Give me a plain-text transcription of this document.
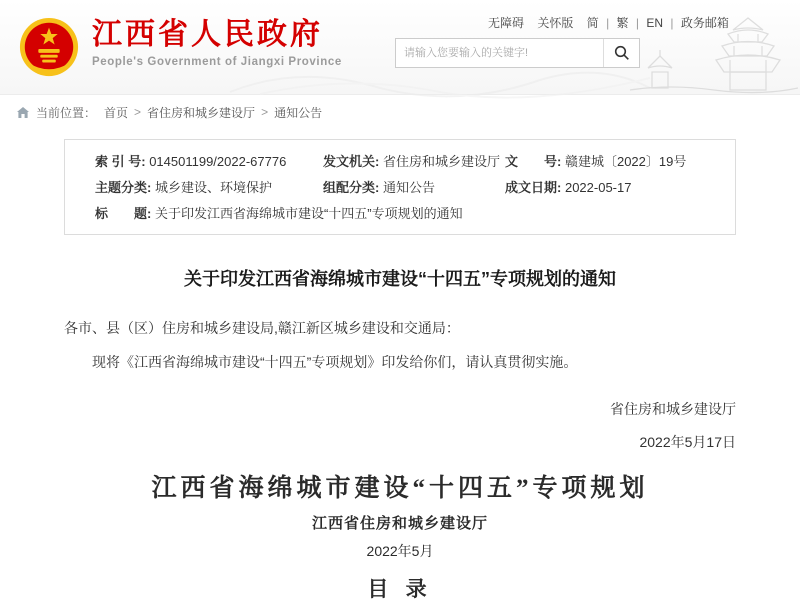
江西省人民政府
People's Government of Jiangxi Province
无障碍 关怀版 简 | 繁 | EN | 政务邮箱
请输入您要输入的关键字!
当前位置： 首页 > 省住房和城乡建设厅 > 通知公告
索 引 号: 014501199/2022-67776	发文机关: 省住房和城乡建设厅 文　　号: 赣建城〔2022〕19号
主题分类: 城乡建设、环境保护	组配分类: 通知公告	成文日期: 2022-05-17
标　　题: 关于印发江西省海绵城市建设“十四五”专项规划的通知
关于印发江西省海绵城市建设“十四五”专项规划的通知
各市、县（区）住房和城乡建设局,赣江新区城乡建设和交通局：
现将《江西省海绵城市建设“十四五”专项规划》印发给你们，请认真贯彻实施。
省住房和城乡建设厅
2022年5月17日
江西省海绵城市建设“十四五”专项规划
江西省住房和城乡建设厅
2022年5月
目 录
